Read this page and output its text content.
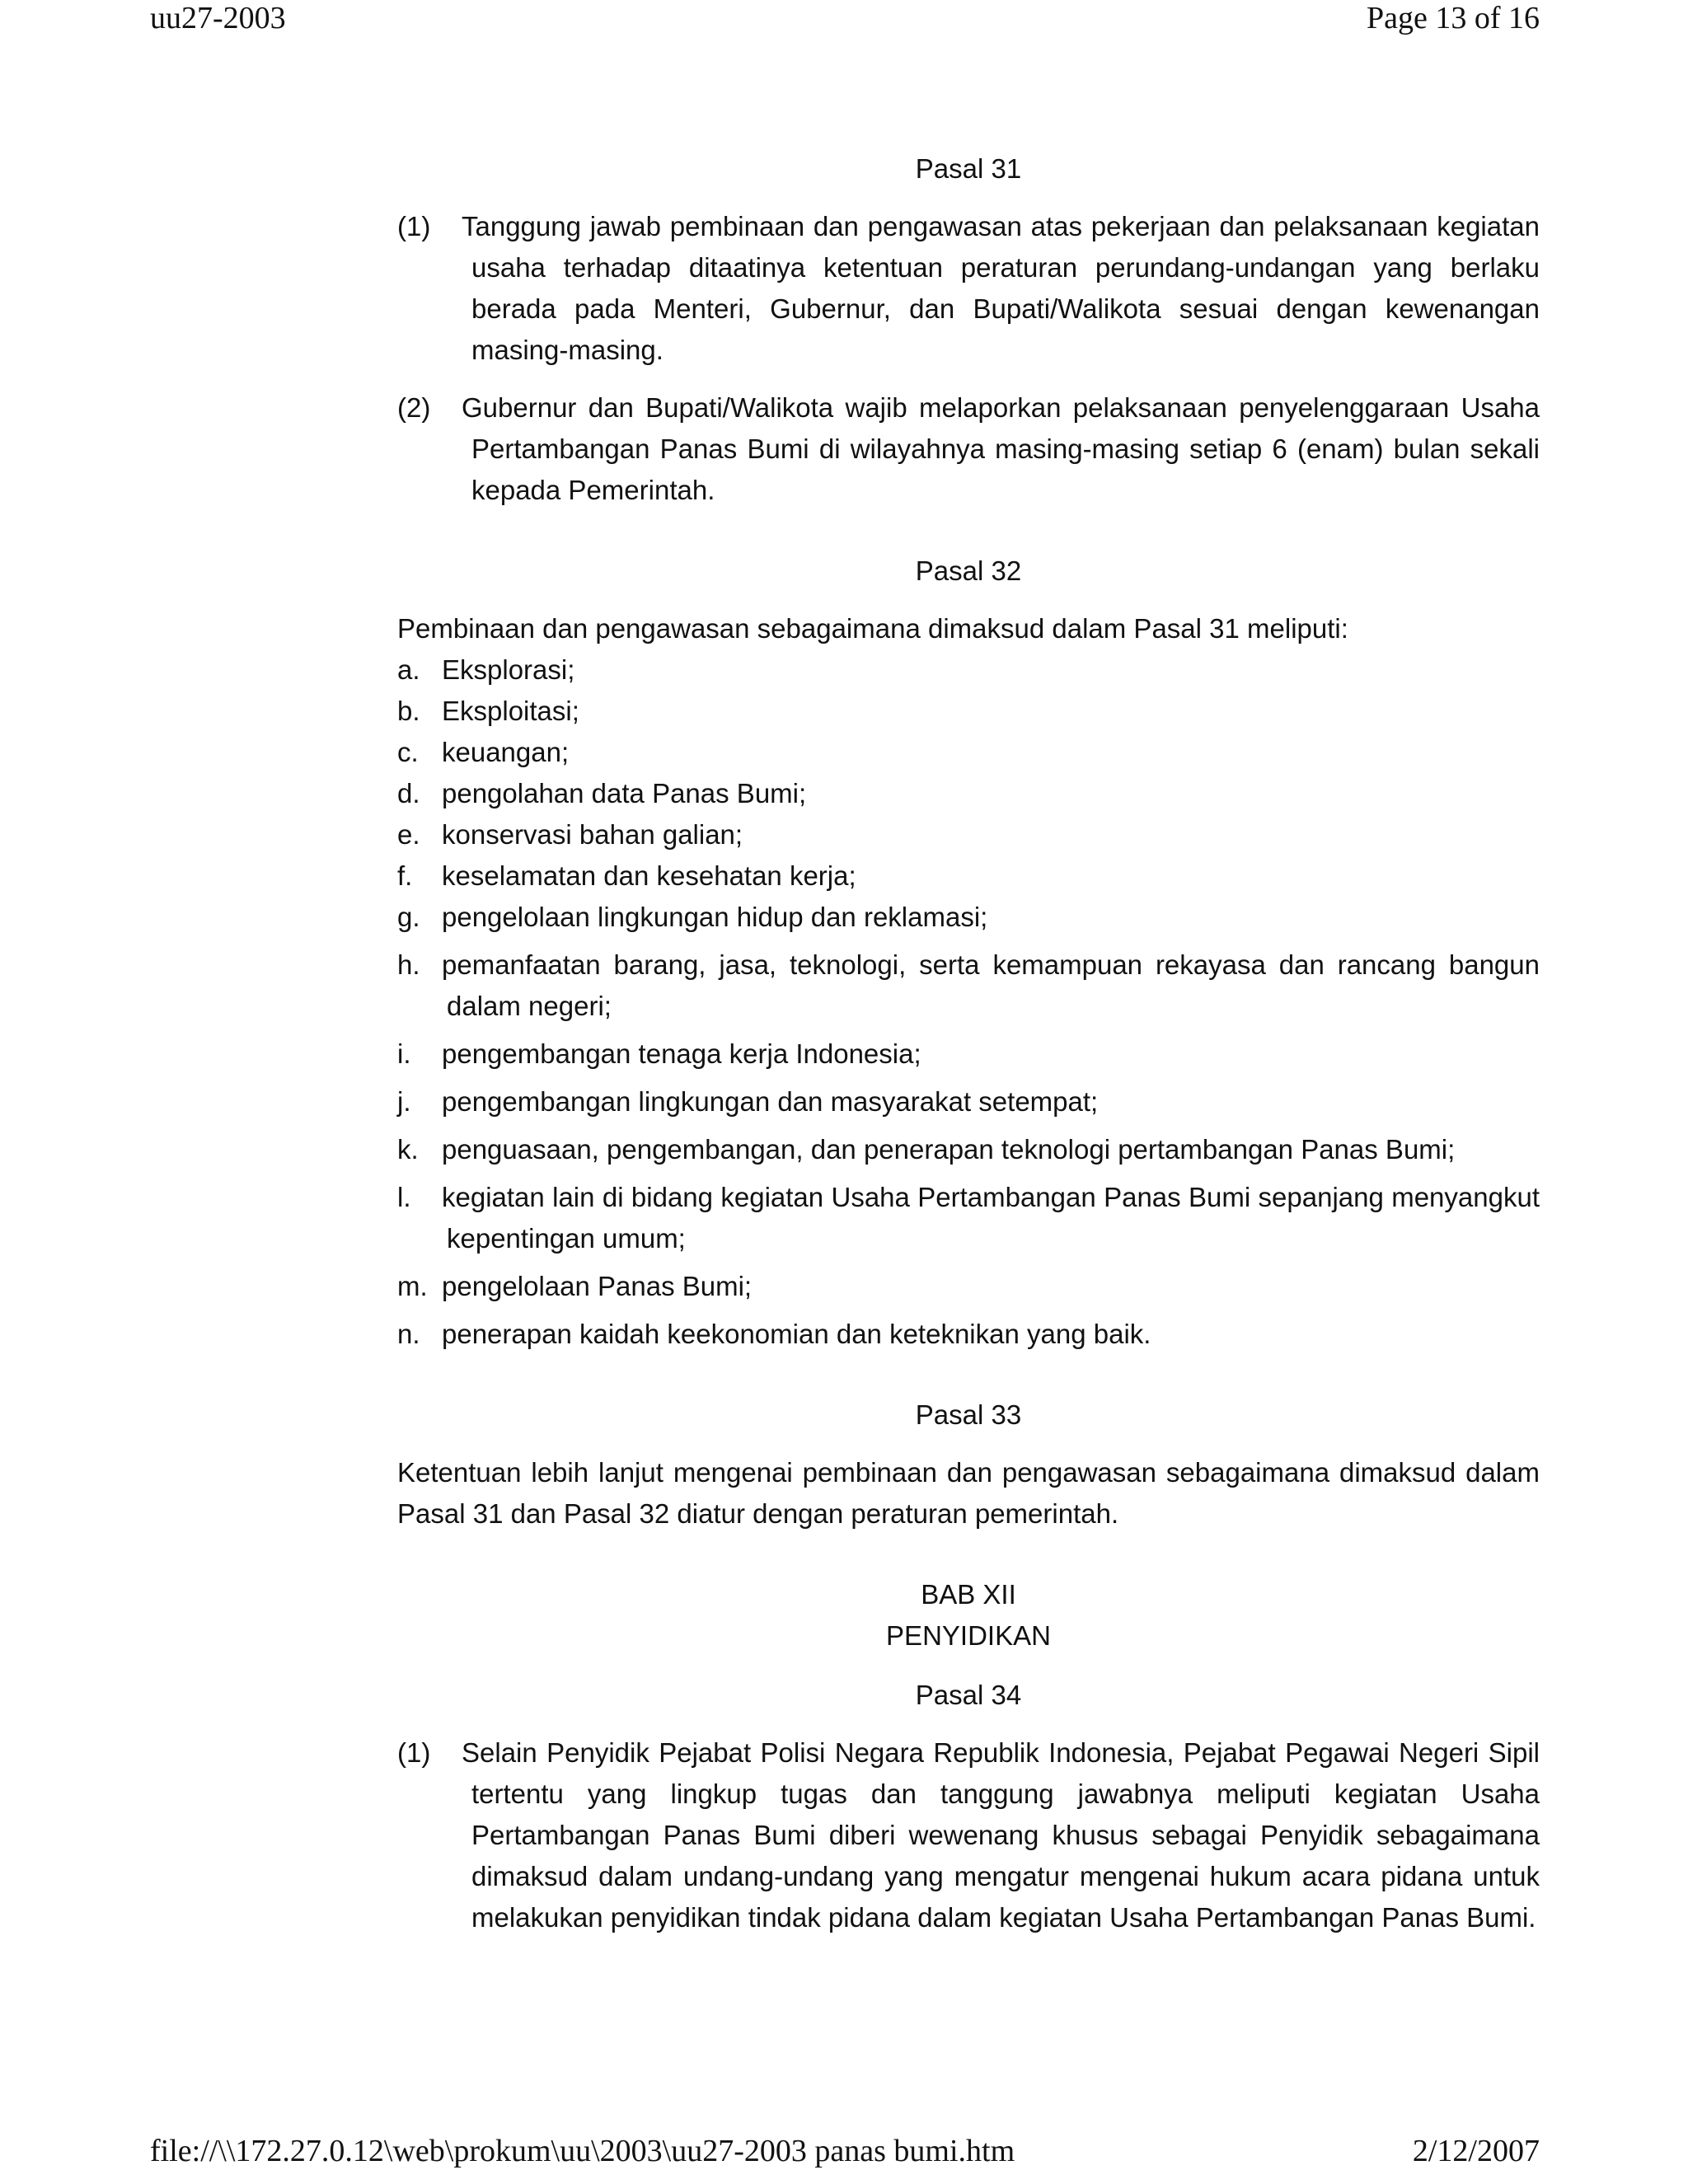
uu27-2003	Page 13 of 16

Pasal 31

(1) Tanggung jawab pembinaan dan pengawasan atas pekerjaan dan pelaksanaan kegiatan usaha terhadap ditaatinya ketentuan peraturan perundang-undangan yang berlaku berada pada Menteri, Gubernur, dan Bupati/Walikota sesuai dengan kewenangan masing-masing.

(2) Gubernur dan Bupati/Walikota wajib melaporkan pelaksanaan penyelenggaraan Usaha Pertambangan Panas Bumi di wilayahnya masing-masing setiap 6 (enam) bulan sekali kepada Pemerintah.

Pasal 32

Pembinaan dan pengawasan sebagaimana dimaksud dalam Pasal 31 meliputi:

a. Eksplorasi;

b. Eksploitasi;

c. keuangan;

d. pengolahan data Panas Bumi;

e. konservasi bahan galian;

f. keselamatan dan kesehatan kerja;

g. pengelolaan lingkungan hidup dan reklamasi;

h. pemanfaatan barang, jasa, teknologi, serta kemampuan rekayasa dan rancang bangun dalam negeri;

i. pengembangan tenaga kerja Indonesia;

j. pengembangan lingkungan dan masyarakat setempat;

k. penguasaan, pengembangan, dan penerapan teknologi pertambangan Panas Bumi;

l. kegiatan lain di bidang kegiatan Usaha Pertambangan Panas Bumi sepanjang menyangkut kepentingan umum;

m. pengelolaan Panas Bumi;

n. penerapan kaidah keekonomian dan keteknikan yang baik.

Pasal 33

Ketentuan lebih lanjut mengenai pembinaan dan pengawasan sebagaimana dimaksud dalam Pasal 31 dan Pasal 32 diatur dengan peraturan pemerintah.

BAB XII

PENYIDIKAN

Pasal 34

(1) Selain Penyidik Pejabat Polisi Negara Republik Indonesia, Pejabat Pegawai Negeri Sipil tertentu yang lingkup tugas dan tanggung jawabnya meliputi kegiatan Usaha Pertambangan Panas Bumi diberi wewenang khusus sebagai Penyidik sebagaimana dimaksud dalam undang-undang yang mengatur mengenai hukum acara pidana untuk melakukan penyidikan tindak pidana dalam kegiatan Usaha Pertambangan Panas Bumi.

file://\\172.27.0.12\web\prokum\uu\2003\uu27-2003 panas bumi.htm	2/12/2007
